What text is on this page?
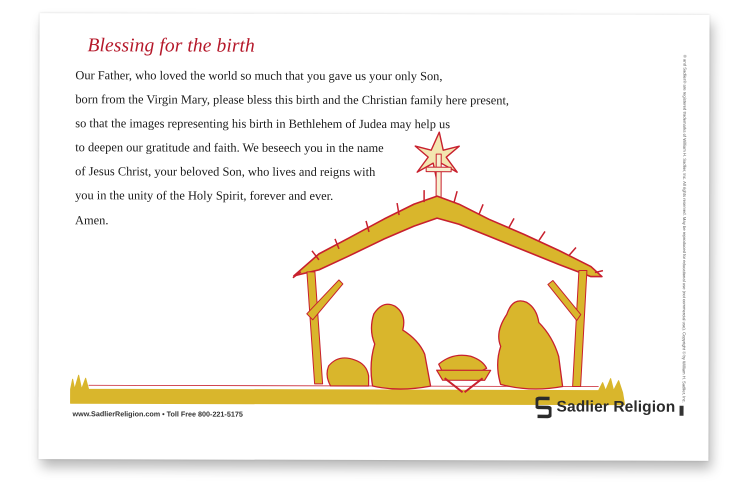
Blessing for the birth
Our Father, who loved the world so much that you gave us your only Son,
born from the Virgin Mary, please bless this birth and the Christian family here present,
so that the images representing his birth in Bethlehem of Judea may help us
to deepen our gratitude and faith. We beseech you in the name
of Jesus Christ, your beloved Son, who lives and reigns with
you in the unity of the Holy Spirit, forever and ever.
Amen.	® and Sadlier® are registered trademarks of William H. Sadlier, Inc. All rights reserved. May be reproduced for educational use (not commercial use). Copyright © by William H. Sadlier, Inc.
www.SadlierReligion.com • Toll Free 800-221-5175	Sadlier Religion
